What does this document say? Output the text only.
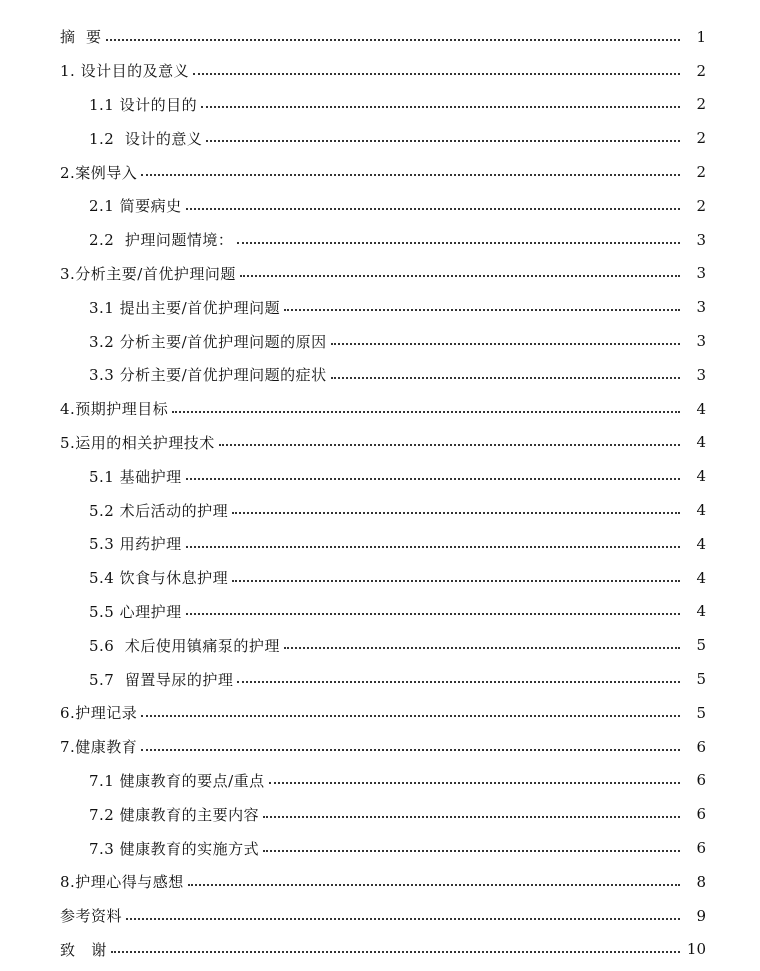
摘  要	1
1. 设计目的及意义	2
1.1 设计的目的	2
1.2  设计的意义	2
2.案例导入	2
2.1 简要病史	2
2.2  护理问题情境：	3
3.分析主要/首优护理问题	3
3.1 提出主要/首优护理问题	3
3.2 分析主要/首优护理问题的原因	3
3.3 分析主要/首优护理问题的症状	3
4.预期护理目标	4
5.运用的相关护理技术	4
5.1 基础护理	4
5.2 术后活动的护理	4
5.3 用药护理	4
5.4 饮食与休息护理	4
5.5 心理护理	4
5.6  术后使用镇痛泵的护理	5
5.7  留置导尿的护理	5
6.护理记录	5
7.健康教育	6
7.1 健康教育的要点/重点	6
7.2 健康教育的主要内容	6
7.3 健康教育的实施方式	6
8.护理心得与感想	8
参考资料	9
致   谢	10
